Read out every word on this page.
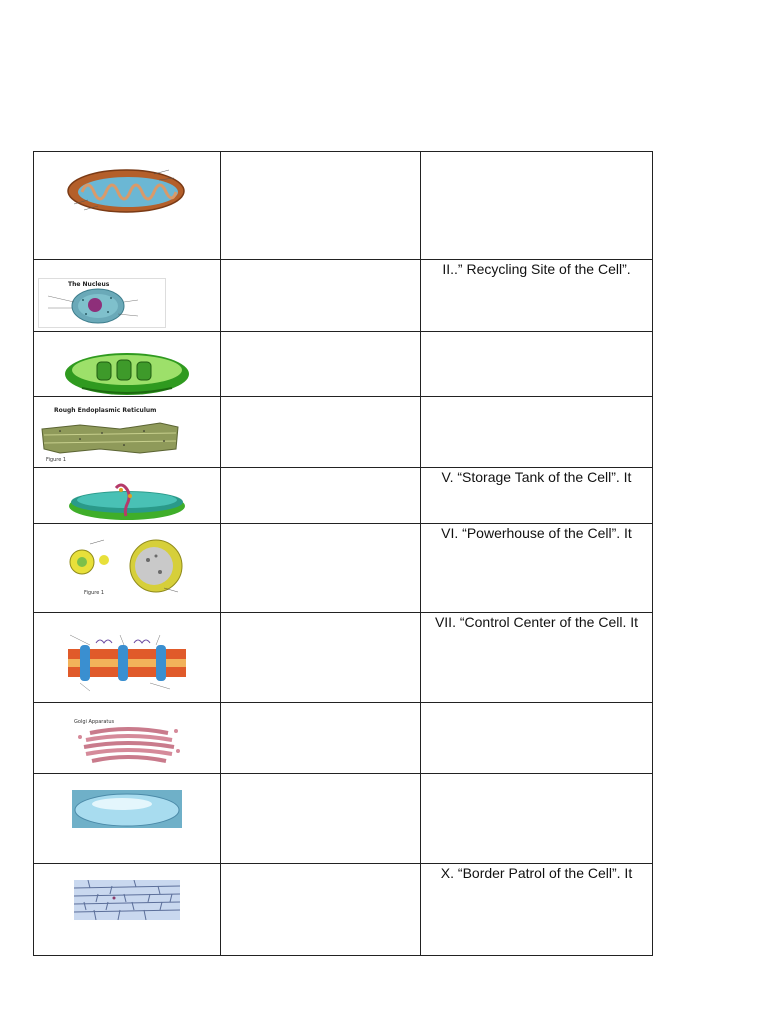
The Nucleus		II..” Recycling Site of the Cell”.

Rough Endoplasmic Reticulum
Figure 1		

		V. “Storage Tank of the Cell”. It

Figure 1		VI. “Powerhouse of the Cell”. It

		VII. “Control Center of the Cell. It

Golgi Apparatus		

		X. “Border Patrol of the Cell”. It
